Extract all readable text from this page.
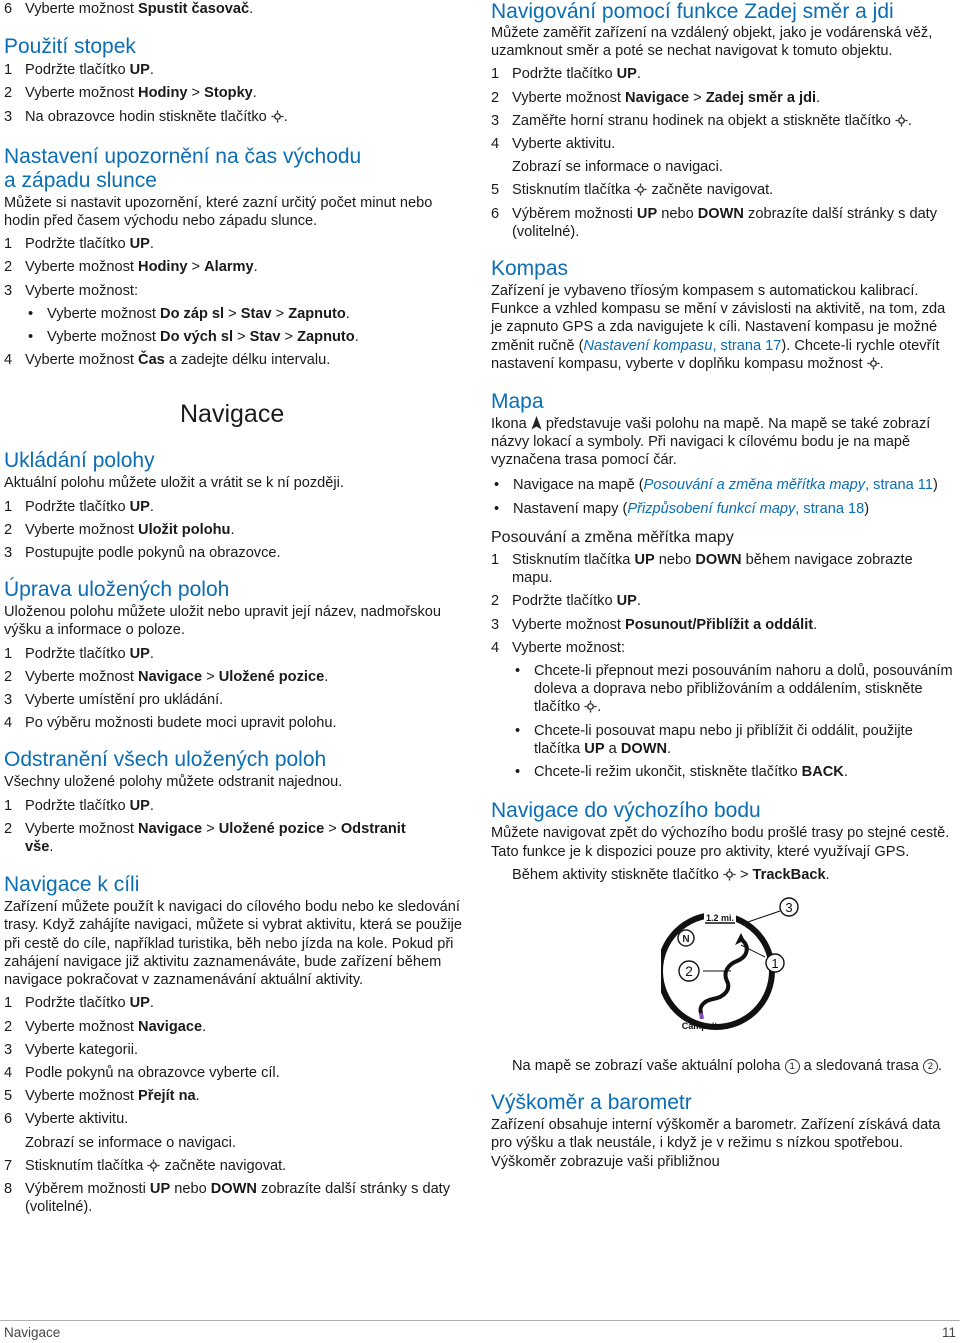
6 Vyberte možnost Spustit časovač.
Použití stopek
1 Podržte tlačítko UP.
2 Vyberte možnost Hodiny > Stopky.
3 Na obrazovce hodin stiskněte tlačítko .
Nastavení upozornění na čas východu
a západu slunce

Můžete si nastavit upozornění, které zazní určitý počet minut nebo hodin před časem východu nebo západu slunce.

1 Podržte tlačítko UP.
2 Vyberte možnost Hodiny > Alarmy.
3 Vyberte možnost:
• Vyberte možnost Do záp sl > Stav > Zapnuto.
• Vyberte možnost Do vých sl > Stav > Zapnuto.
4 Vyberte možnost Čas a zadejte délku intervalu.
Ukládání polohy

Aktuální polohu můžete uložit a vrátit se k ní později.

1 Podržte tlačítko UP.
2 Vyberte možnost Uložit polohu.
3 Postupujte podle pokynů na obrazovce.
Úprava uložených poloh

Uloženou polohu můžete uložit nebo upravit její název, nadmořskou výšku a informace o poloze.

1 Podržte tlačítko UP.
2 Vyberte možnost Navigace > Uložené pozice.
3 Vyberte umístění pro ukládání.
4 Po výběru možnosti budete moci upravit polohu.
Odstranění všech uložených poloh

Všechny uložené polohy můžete odstranit najednou.

1 Podržte tlačítko UP.
2 Vyberte možnost Navigace > Uložené pozice > Odstranit
vše.
Navigace k cíli

Zařízení můžete použít k navigaci do cílového bodu nebo ke sledování trasy. Když zahájíte navigaci, můžete si vybrat aktivitu, která se použije při cestě do cíle, například turistika, běh nebo jízda na kole. Pokud při zahájení navigace již aktivitu zaznamenáváte, bude zařízení během navigace pokračovat v zaznamenávání aktuální aktivity.

1 Podržte tlačítko UP.
2 Vyberte možnost Navigace.
3 Vyberte kategorii.
4 Podle pokynů na obrazovce vyberte cíl.
5 Vyberte možnost Přejít na.
6 Vyberte aktivitu.
Zobrazí se informace o navigaci.
7 Stisknutím tlačítka  začněte navigovat.
8 Výběrem možnosti UP nebo DOWN zobrazíte další stránky s daty (volitelné).
Navigace
Navigování pomocí funkce Zadej směr a jdi

Můžete zaměřit zařízení na vzdálený objekt, jako je vodárenská věž, uzamknout směr a poté se nechat navigovat k tomuto objektu.

1 Podržte tlačítko UP.
2 Vyberte možnost Navigace > Zadej směr a jdi.
3 Zaměřte horní stranu hodinek na objekt a stiskněte tlačítko .
4 Vyberte aktivitu.
Zobrazí se informace o navigaci.
5 Stisknutím tlačítka  začněte navigovat.
6 Výběrem možnosti UP nebo DOWN zobrazíte další stránky s daty (volitelné).
Kompas

Zařízení je vybaveno tříosým kompasem s automatickou kalibrací. Funkce a vzhled kompasu se mění v závislosti na aktivitě, na tom, zda je zapnuto GPS a zda navigujete k cíli. Nastavení kompasu je možné změnit ručně (Nastavení kompasu, strana 17). Chcete-li rychle otevřít nastavení kompasu, vyberte v doplňku kompasu možnost .

Mapa

Ikona  představuje vaši polohu na mapě. Na mapě se také zobrazí názvy lokací a symboly. Při navigaci k cílovému bodu je na mapě vyznačena trasa pomocí čár.

• Navigace na mapě (Posouvání a změna měřítka mapy, strana 11)
• Nastavení mapy (Přizpůsobení funkcí mapy, strana 18)
Posouvání a změna měřítka mapy
1 Stisknutím tlačítka UP nebo DOWN během navigace zobrazte mapu.
2 Podržte tlačítko UP.
3 Vyberte možnost Posunout/Přiblížit a oddálit.
4 Vyberte možnost:
• Chcete-li přepnout mezi posouváním nahoru a dolů, posouváním doleva a doprava nebo přibližováním a oddálením, stiskněte tlačítko .
• Chcete-li posouvat mapu nebo ji přiblížit či oddálit, použijte tlačítka UP a DOWN.
• Chcete-li režim ukončit, stiskněte tlačítko BACK.
Navigace do výchozího bodu

Můžete navigovat zpět do výchozího bodu prošlé trasy po stejné cestě. Tato funkce je k dispozici pouze pro aktivity, které využívají GPS.

Během aktivity stiskněte tlačítko  > TrackBack.
N
1.2 mi.
Campsite
1
2
3
Na mapě se zobrazí vaše aktuální poloha 1 a sledovaná trasa 2 .
Výškoměr a barometr

Zařízení obsahuje interní výškoměr a barometr. Zařízení získává data pro výšku a tlak neustále, i když je v režimu s nízkou spotřebou. Výškoměr zobrazuje vaši přibližnou

Navigace	11
